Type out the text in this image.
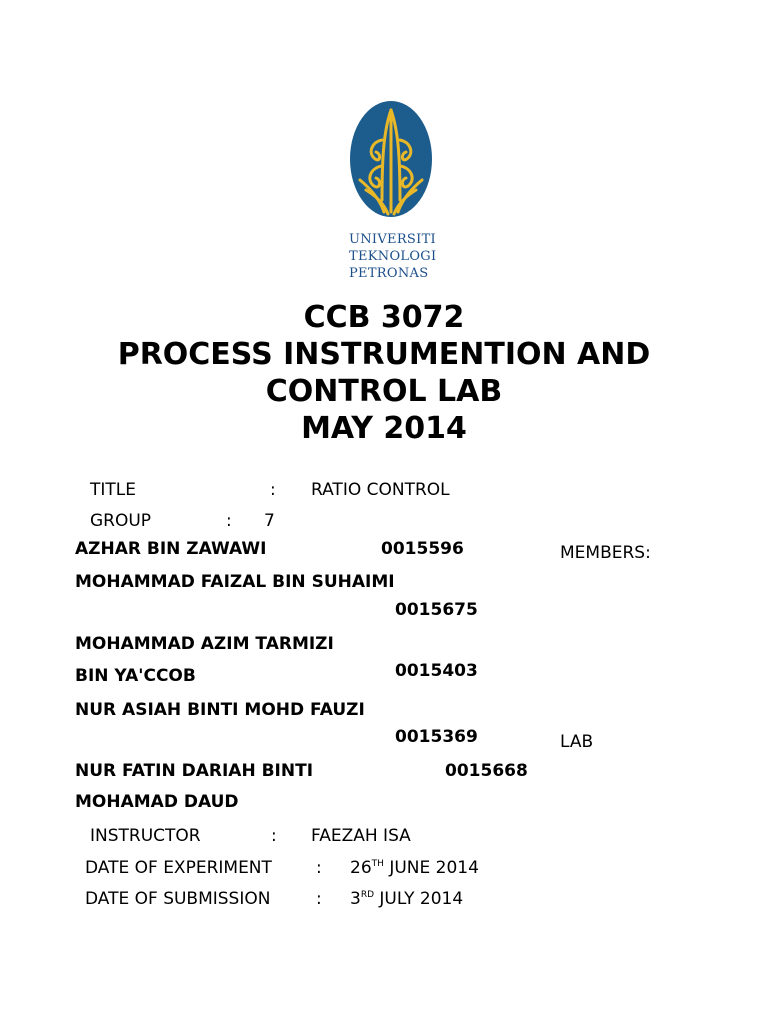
UNIVERSITI
TEKNOLOGI
PETRONAS
CCB 3072
PROCESS INSTRUMENTION AND
CONTROL LAB
MAY 2014
TITLE	: RATIO CONTROL
GROUP	: 7
AZHAR BIN ZAWAWI	0015596	MEMBERS:
MOHAMMAD FAIZAL BIN SUHAIMI
0015675
MOHAMMAD AZIM TARMIZI
BIN YA'CCOB	0015403
NUR ASIAH BINTI MOHD FAUZI
0015369	LAB
NUR FATIN DARIAH BINTI	0015668
MOHAMAD DAUD
INSTRUCTOR	: FAEZAH ISA
DATE OF EXPERIMENT	: 26TH JUNE 2014
DATE OF SUBMISSION	: 3RD JULY 2014
